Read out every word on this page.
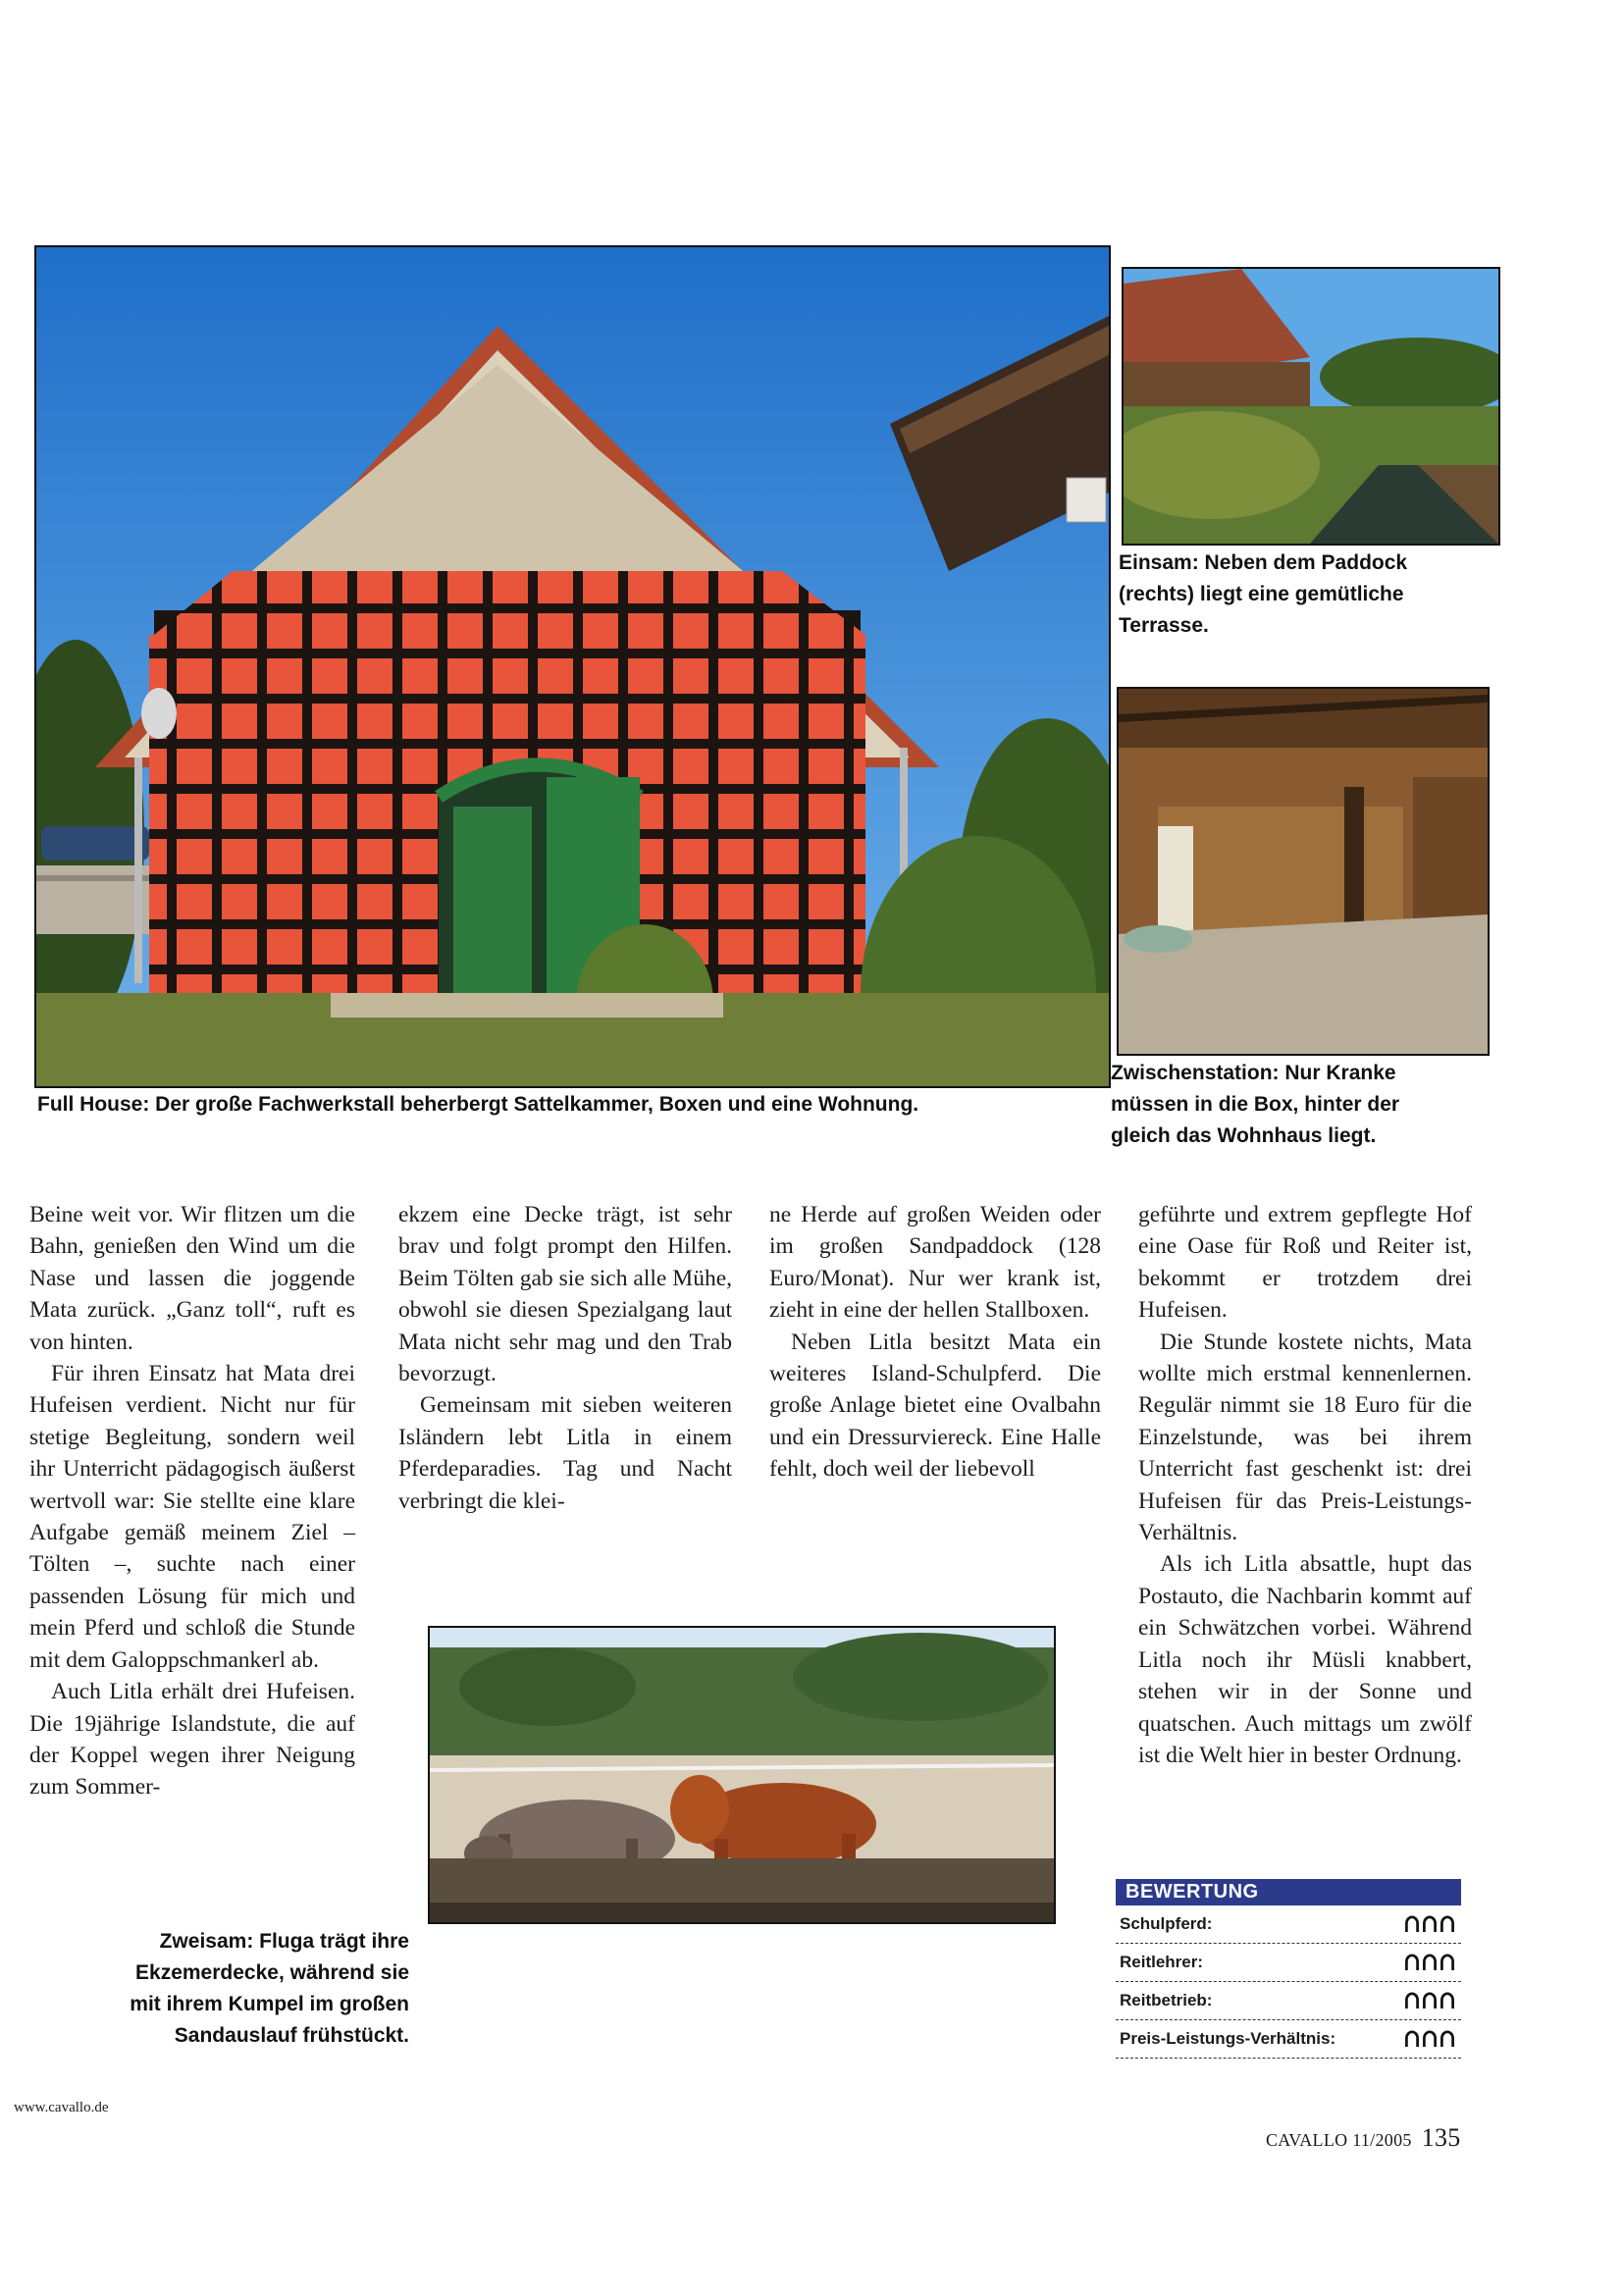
Full House: Der große Fachwerkstall beherbergt Sattelkammer, Boxen und eine Wohnung.
Einsam: Neben dem Paddock
(rechts) liegt eine gemütliche
Terrasse.
Zwischenstation: Nur Kranke
müssen in die Box, hinter der
gleich das Wohnhaus liegt.

Beine weit vor. Wir flitzen um die Bahn, genießen den Wind um die Nase und lassen die joggende Mata zurück. „Ganz toll“, ruft es von hinten.

Für ihren Einsatz hat Mata drei Hufeisen verdient. Nicht nur für stetige Begleitung, sondern weil ihr Unterricht pädagogisch äußerst wertvoll war: Sie stellte eine klare Aufgabe gemäß meinem Ziel – Tölten –, suchte nach einer passenden Lösung für mich und mein Pferd und schloß die Stunde mit dem Galoppschmankerl ab.

Auch Litla erhält drei Hufeisen. Die 19jährige Islandstute, die auf der Koppel wegen ihrer Neigung zum Sommer-

ekzem eine Decke trägt, ist sehr brav und folgt prompt den Hilfen. Beim Tölten gab sie sich alle Mühe, obwohl sie diesen Spezialgang laut Mata nicht sehr mag und den Trab bevorzugt.

Gemeinsam mit sieben weiteren Isländern lebt Litla in einem Pferdeparadies. Tag und Nacht verbringt die klei-

ne Herde auf großen Weiden oder im großen Sandpaddock (128 Euro/Monat). Nur wer krank ist, zieht in eine der hellen Stallboxen.

Neben Litla besitzt Mata ein weiteres Island-Schulpferd. Die große Anlage bietet eine Ovalbahn und ein Dressurviereck. Eine Halle fehlt, doch weil der liebevoll

geführte und extrem gepflegte Hof eine Oase für Roß und Reiter ist, bekommt er trotzdem drei Hufeisen.

Die Stunde kostete nichts, Mata wollte mich erstmal kennenlernen. Regulär nimmt sie 18 Euro für die Einzelstunde, was bei ihrem Unterricht fast geschenkt ist: drei Hufeisen für das Preis-Leistungs-Verhältnis.

Als ich Litla absattle, hupt das Postauto, die Nachbarin kommt auf ein Schwätzchen vorbei. Während Litla noch ihr Müsli knabbert, stehen wir in der Sonne und quatschen. Auch mittags um zwölf ist die Welt hier in bester Ordnung.

Zweisam: Fluga trägt ihre
Ekzemerdecke, während sie
mit ihrem Kumpel im großen
Sandauslauf frühstückt.
BEWERTUNG
Schulpferd:
Reitlehrer:
Reitbetrieb:
Preis-Leistungs-Verhältnis:
www.cavallo.de
CAVALLO 11/2005 135
